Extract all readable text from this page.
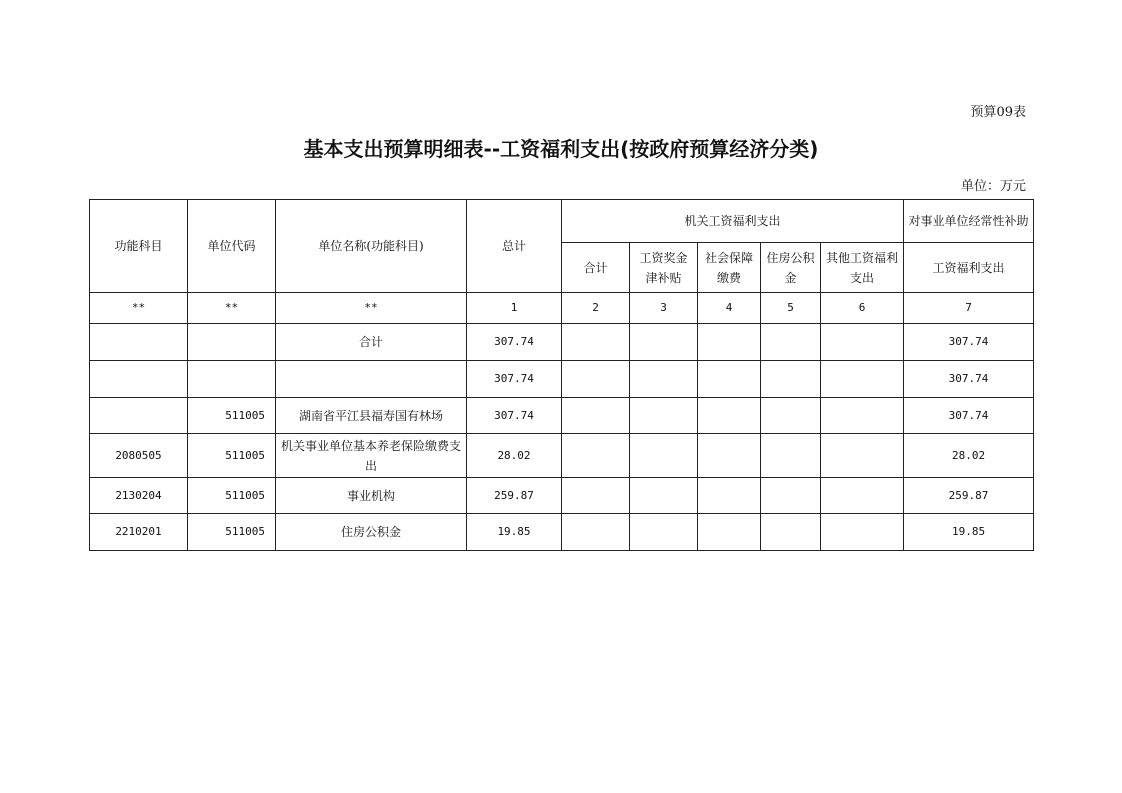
预算09表
基本支出预算明细表--工资福利支出(按政府预算经济分类)
单位：万元
功能科目	单位代码	单位名称(功能科目)	总计	机关工资福利支出					对事业单位经常性补助
				合计	工资奖金津补贴	社会保障缴费	住房公积金	其他工资福利支出	工资福利支出
**	**	**	1	2	3	4	5	6	7
		合计	307.74						307.74
			307.74						307.74
	511005	湖南省平江县福寿国有林场	307.74						307.74
2080505	511005	机关事业单位基本养老保险缴费支出	28.02						28.02
2130204	511005	事业机构	259.87						259.87
2210201	511005	住房公积金	19.85						19.85
